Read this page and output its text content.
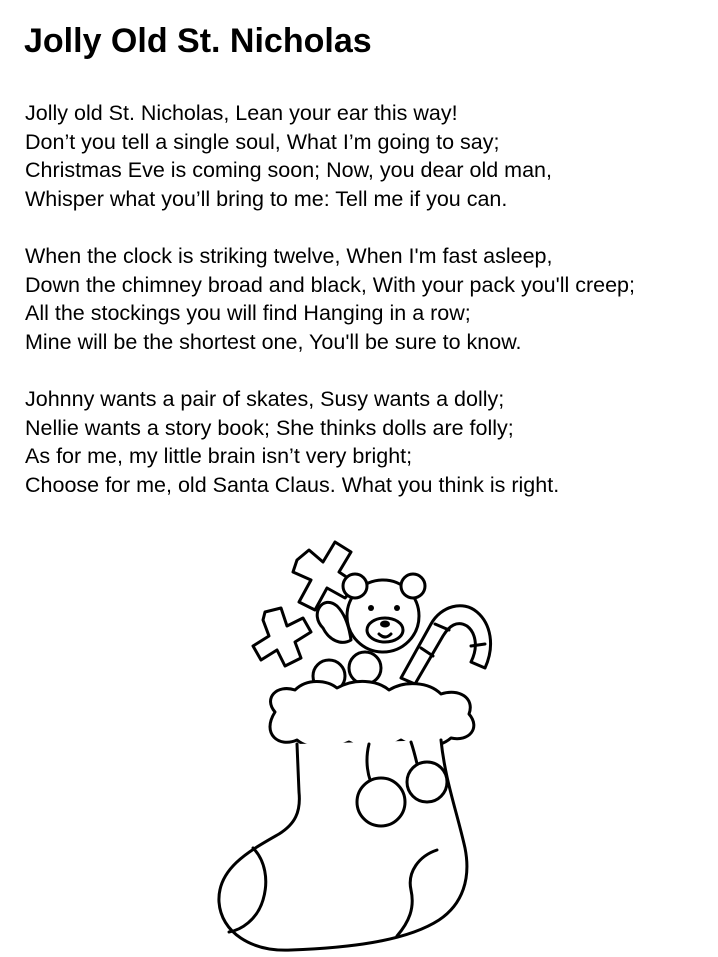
Jolly Old St. Nicholas
Jolly old St. Nicholas, Lean your ear this way!
Don’t you tell a single soul, What I’m going to say;
Christmas Eve is coming soon; Now, you dear old man,
Whisper what you’ll bring to me: Tell me if you can.
When the clock is striking twelve, When I'm fast asleep,
Down the chimney broad and black, With your pack you'll creep;
All the stockings you will find Hanging in a row;
Mine will be the shortest one, You'll be sure to know.
Johnny wants a pair of skates, Susy wants a dolly;
Nellie wants a story book; She thinks dolls are folly;
As for me, my little brain isn’t very bright;
Choose for me, old Santa Claus. What you think is right.
